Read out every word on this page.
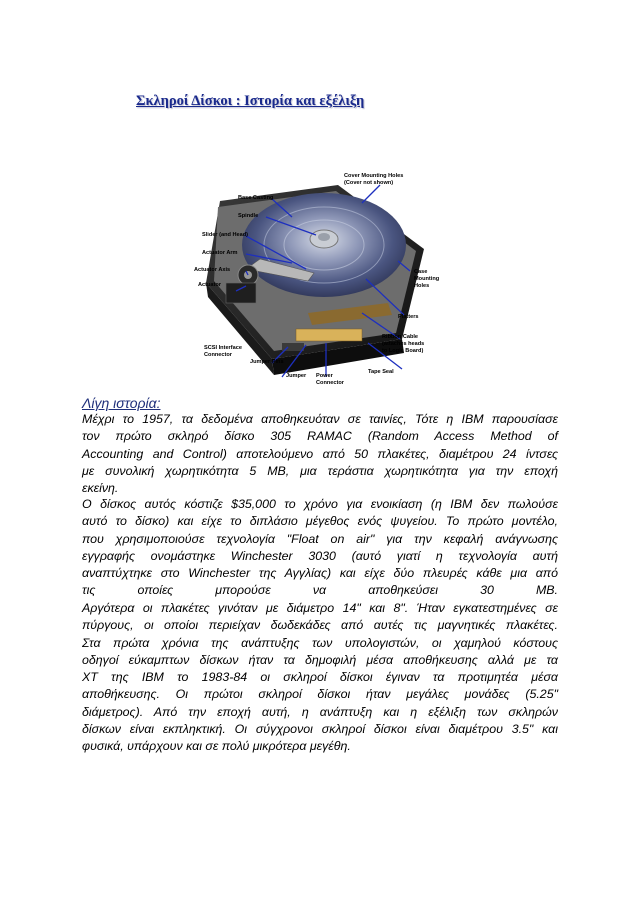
Σκληροί Δίσκοι : Ιστορία και εξέλιξη
Base Casting
Spindle
Slider (and Head)
Actuator Arm
Actuator Axis
Actuator
SCSI Interface
Connector
Jumper Pins
Jumper Power
Connector
Tape Seal
Ribbon Cable
(attaches heads
to Logic Board)
Platters
Case
Mounting
Holes
Cover Mounting Holes
(Cover not shown)
Λίγη ιστορία:
Μέχρι το 1957, τα δεδομένα αποθηκευόταν σε ταινίες, Τότε η IBM παρουσίασε
τον πρώτο σκληρό δίσκο 305 RAMAC (Random Access Method of
Accounting and Control) αποτελούμενο από 50 πλακέτες, διαμέτρου 24 ίντσες
με συνολική χωρητικότητα 5 MB, μια τεράστια χωρητικότητα για την εποχή
εκείνη.
Ο δίσκος αυτός κόστιζε $35,000 το χρόνο για ενοικίαση (η IBM δεν πωλούσε
αυτό το δίσκο) και είχε το διπλάσιο μέγεθος ενός ψυγείου. Το πρώτο μοντέλο,
που χρησιμοποιούσε τεχνολογία "Float on air" για την κεφαλή ανάγνωσης
εγγραφής ονομάστηκε Winchester 3030 (αυτό γιατί η τεχνολογία αυτή
αναπτύχτηκε στο Winchester της Αγγλίας) και είχε δύο πλευρές κάθε μια από
τις οποίες μπορούσε να αποθηκεύσει 30 MB.
Αργότερα οι πλακέτες γινόταν με διάμετρο 14" και 8". Ήταν εγκατεστημένες σε
πύργους, οι οποίοι περιείχαν δωδεκάδες από αυτές τις μαγνητικές πλακέτες.
Στα πρώτα χρόνια της ανάπτυξης των υπολογιστών, οι χαμηλού κόστους
οδηγοί εύκαμπτων δίσκων ήταν τα δημοφιλή μέσα αποθήκευσης αλλά με τα
XT της IBM το 1983-84 οι σκληροί δίσκοι έγιναν τα προτιμητέα μέσα
αποθήκευσης. Οι πρώτοι σκληροί δίσκοι ήταν μεγάλες μονάδες (5.25"
διάμετρος). Από την εποχή αυτή, η ανάπτυξη και η εξέλιξη των σκληρών
δίσκων είναι εκπληκτική. Οι σύγχρονοι σκληροί δίσκοι είναι διαμέτρου 3.5" και
φυσικά, υπάρχουν και σε πολύ μικρότερα μεγέθη.
